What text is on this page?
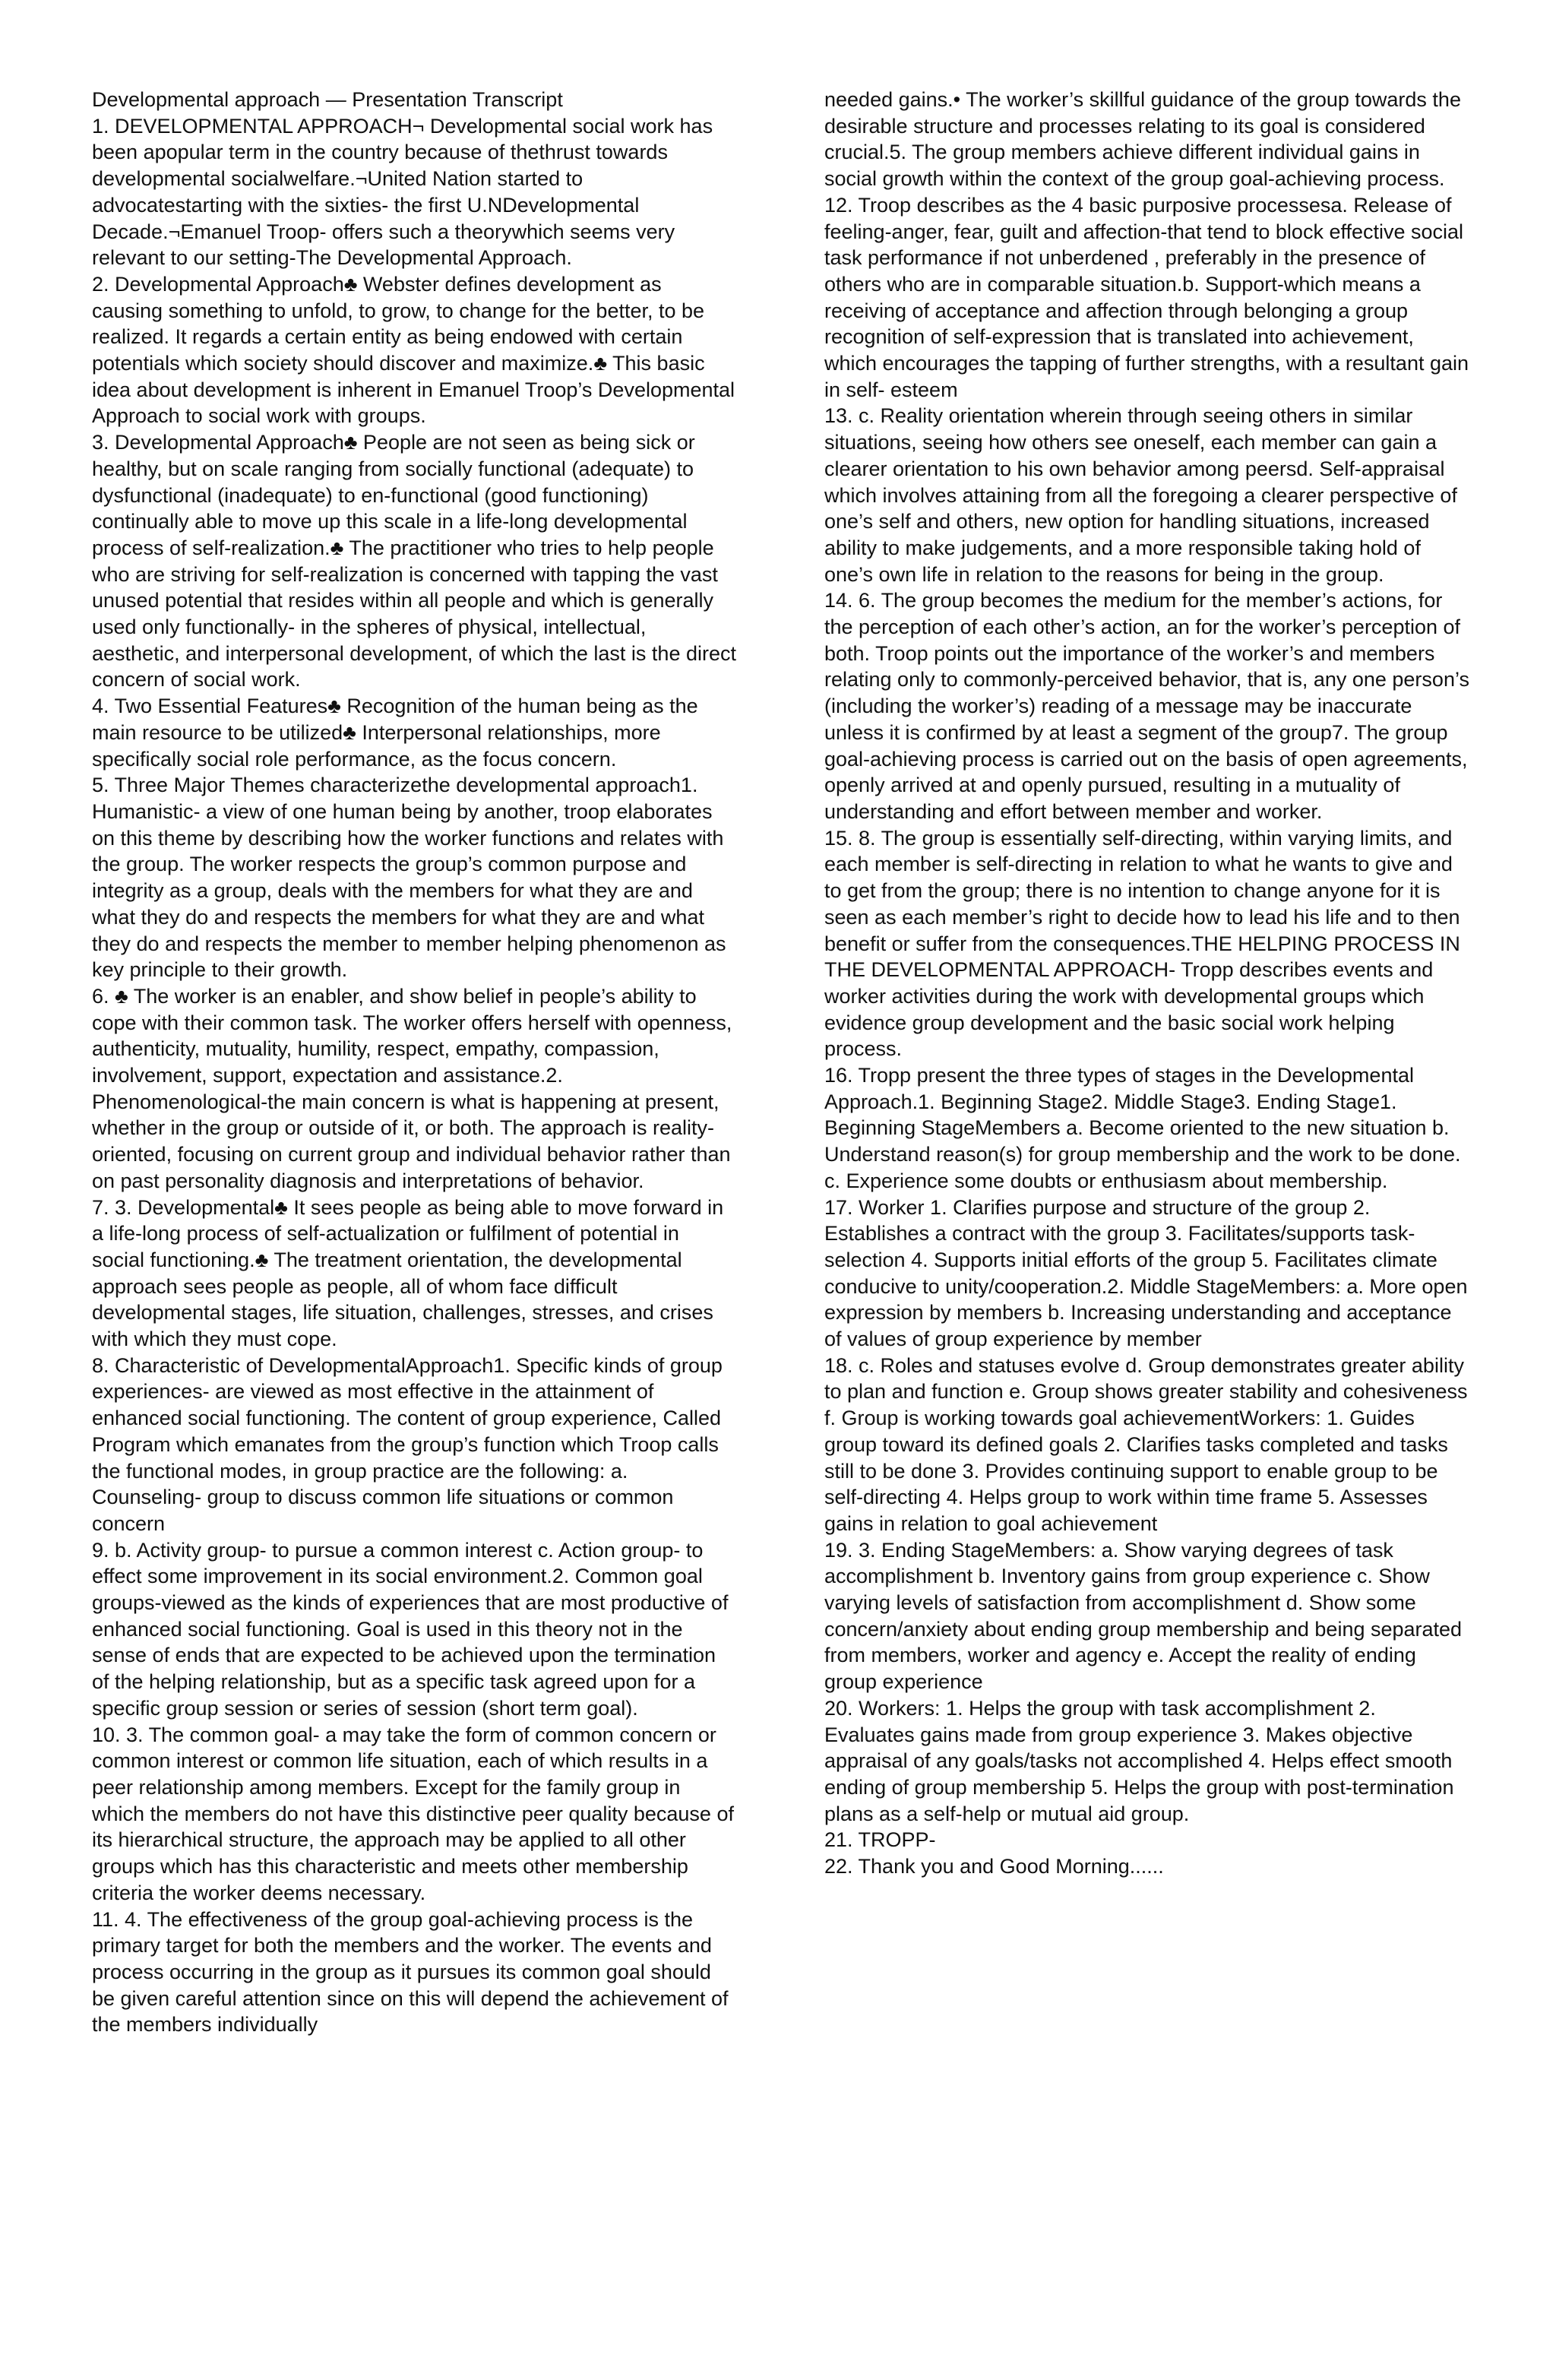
Developmental approach — Presentation Transcript

1. DEVELOPMENTAL APPROACH¬ Developmental social work has been apopular term in the country because of thethrust towards developmental socialwelfare.¬United Nation started to advocatestarting with the sixties- the first U.NDevelopmental Decade.¬Emanuel Troop- offers such a theorywhich seems very relevant to our setting-The Developmental Approach.

2. Developmental Approach♣ Webster defines development as causing something to unfold, to grow, to change for the better, to be realized. It regards a certain entity as being endowed with certain potentials which society should discover and maximize.♣ This basic idea about development is inherent in Emanuel Troop’s Developmental Approach to social work with groups.

3. Developmental Approach♣ People are not seen as being sick or healthy, but on scale ranging from socially functional (adequate) to dysfunctional (inadequate) to en-functional (good functioning) continually able to move up this scale in a life-long developmental process of self-realization.♣ The practitioner who tries to help people who are striving for self-realization is concerned with tapping the vast unused potential that resides within all people and which is generally used only functionally- in the spheres of physical, intellectual, aesthetic, and interpersonal development, of which the last is the direct concern of social work.

4. Two Essential Features♣ Recognition of the human being as the main resource to be utilized♣ Interpersonal relationships, more specifically social role performance, as the focus concern.

5. Three Major Themes characterizethe developmental approach1. Humanistic- a view of one human being by another, troop elaborates on this theme by describing how the worker functions and relates with the group. The worker respects the group’s common purpose and integrity as a group, deals with the members for what they are and what they do and respects the members for what they are and what they do and respects the member to member helping phenomenon as key principle to their growth.

6. ♣ The worker is an enabler, and show belief in people’s ability to cope with their common task. The worker offers herself with openness, authenticity, mutuality, humility, respect, empathy, compassion, involvement, support, expectation and assistance.2. Phenomenological-the main concern is what is happening at present, whether in the group or outside of it, or both. The approach is reality-oriented, focusing on current group and individual behavior rather than on past personality diagnosis and interpretations of behavior.

7. 3. Developmental♣ It sees people as being able to move forward in a life-long process of self-actualization or fulfilment of potential in social functioning.♣ The treatment orientation, the developmental approach sees people as people, all of whom face difficult developmental stages, life situation, challenges, stresses, and crises with which they must cope.

8. Characteristic of DevelopmentalApproach1. Specific kinds of group experiences- are viewed as most effective in the attainment of enhanced social functioning. The content of group experience, Called Program which emanates from the group’s function which Troop calls the functional modes, in group practice are the following: a. Counseling- group to discuss common life situations or common concern

9. b. Activity group- to pursue a common interest c. Action group- to effect some improvement in its social environment.2. Common goal groups-viewed as the kinds of experiences that are most productive of enhanced social functioning. Goal is used in this theory not in the sense of ends that are expected to be achieved upon the termination of the helping relationship, but as a specific task agreed upon for a specific group session or series of session (short term goal).

10. 3. The common goal- a may take the form of common concern or common interest or common life situation, each of which results in a peer relationship among members. Except for the family group in which the members do not have this distinctive peer quality because of its hierarchical structure, the approach may be applied to all other groups which has this characteristic and meets other membership criteria the worker deems necessary.

11. 4. The effectiveness of the group goal-achieving process is the primary target for both the members and the worker. The events and process occurring in the group as it pursues its common goal should be given careful attention since on this will depend the achievement of the members individually

needed gains.• The worker’s skillful guidance of the group towards the desirable structure and processes relating to its goal is considered crucial.5. The group members achieve different individual gains in social growth within the context of the group goal-achieving process.

12. Troop describes as the 4 basic purposive processesa. Release of feeling-anger, fear, guilt and affection-that tend to block effective social task performance if not unberdened , preferably in the presence of others who are in comparable situation.b. Support-which means a receiving of acceptance and affection through belonging a group recognition of self-expression that is translated into achievement, which encourages the tapping of further strengths, with a resultant gain in self- esteem

13. c. Reality orientation wherein through seeing others in similar situations, seeing how others see oneself, each member can gain a clearer orientation to his own behavior among peersd. Self-appraisal which involves attaining from all the foregoing a clearer perspective of one’s self and others, new option for handling situations, increased ability to make judgements, and a more responsible taking hold of one’s own life in relation to the reasons for being in the group.

14. 6. The group becomes the medium for the member’s actions, for the perception of each other’s action, an for the worker’s perception of both. Troop points out the importance of the worker’s and members relating only to commonly-perceived behavior, that is, any one person’s (including the worker’s) reading of a message may be inaccurate unless it is confirmed by at least a segment of the group7. The group goal-achieving process is carried out on the basis of open agreements, openly arrived at and openly pursued, resulting in a mutuality of understanding and effort between member and worker.

15. 8. The group is essentially self-directing, within varying limits, and each member is self-directing in relation to what he wants to give and to get from the group; there is no intention to change anyone for it is seen as each member’s right to decide how to lead his life and to then benefit or suffer from the consequences.THE HELPING PROCESS IN THE DEVELOPMENTAL APPROACH- Tropp describes events and worker activities during the work with developmental groups which evidence group development and the basic social work helping process.

16. Tropp present the three types of stages in the Developmental Approach.1. Beginning Stage2. Middle Stage3. Ending Stage1. Beginning StageMembers a. Become oriented to the new situation b. Understand reason(s) for group membership and the work to be done. c. Experience some doubts or enthusiasm about membership.

17. Worker 1. Clarifies purpose and structure of the group 2. Establishes a contract with the group 3. Facilitates/supports task-selection 4. Supports initial efforts of the group 5. Facilitates climate conducive to unity/cooperation.2. Middle StageMembers: a. More open expression by members b. Increasing understanding and acceptance of values of group experience by member

18. c. Roles and statuses evolve d. Group demonstrates greater ability to plan and function e. Group shows greater stability and cohesiveness f. Group is working towards goal achievementWorkers: 1. Guides group toward its defined goals 2. Clarifies tasks completed and tasks still to be done 3. Provides continuing support to enable group to be self-directing 4. Helps group to work within time frame 5. Assesses gains in relation to goal achievement

19. 3. Ending StageMembers: a. Show varying degrees of task accomplishment b. Inventory gains from group experience c. Show varying levels of satisfaction from accomplishment d. Show some concern/anxiety about ending group membership and being separated from members, worker and agency e. Accept the reality of ending group experience

20. Workers: 1. Helps the group with task accomplishment 2. Evaluates gains made from group experience 3. Makes objective appraisal of any goals/tasks not accomplished 4. Helps effect smooth ending of group membership 5. Helps the group with post-termination plans as a self-help or mutual aid group.

21. TROPP-

22. Thank you and Good Morning......
